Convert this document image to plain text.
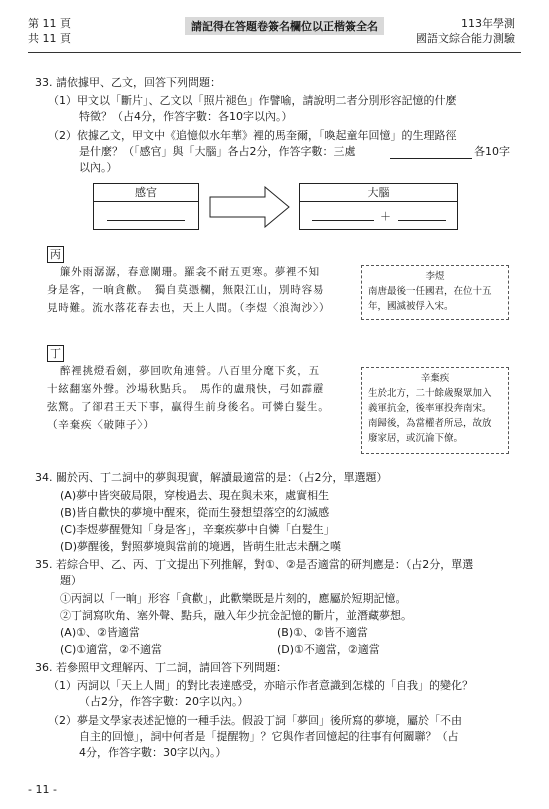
第 11 頁
共 11 頁
請記得在答題卷簽名欄位以正楷簽全名	113年學測
國語文綜合能力測驗
33. 請依據甲、乙文，回答下列問題：
（1）甲文以「斷片」、乙文以「照片褪色」作譬喻，請說明二者分別形容記憶的什麼
特徵？（占4分，作答字數：各10字以內。）
（2）依據乙文，甲文中《追憶似水年華》裡的馬奎爾，「喚起童年回憶」的生理路徑
是什麼？（「感官」與「大腦」各占2分，作答字數：三處	各10字
以內。）
感官	大腦
＋
丙
簾外雨潺潺，春意闌珊。羅衾不耐五更寒。夢裡不知
身是客，一晌貪歡。　獨自莫憑欄，無限江山，別時容易
見時難。流水落花春去也，天上人間。（李煜〈浪淘沙〉）
李煜
南唐最後一任國君，在位十五
年，國滅被俘入宋。
丁
醉裡挑燈看劍，夢回吹角連營。八百里分麾下炙，五
十絃翻塞外聲。沙場秋點兵。　馬作的盧飛快，弓如霹靂
弦驚。了卻君王天下事，贏得生前身後名。可憐白髮生。
（辛棄疾〈破陣子〉）
辛棄疾
生於北方，二十餘歲聚眾加入
義軍抗金，後率軍投奔南宋。
南歸後，為當權者所忌，故放
廢家居，或沉淪下僚。
34. 關於丙、丁二詞中的夢與現實，解讀最適當的是：（占2分，單選題）
(A)夢中皆突破局限，穿梭過去、現在與未來，處實相生
(B)皆自歡快的夢境中醒來，從而生發想望落空的幻滅感
(C)李煜夢醒覺知「身是客」，辛棄疾夢中自憐「白髮生」
(D)夢醒後，對照夢境與當前的境遇，皆萌生壯志未酬之嘆
35. 若綜合甲、乙、丙、丁文提出下列推解，對①、②是否適當的研判應是：（占2分，單選
題）
①丙詞以「一晌」形容「貪歡」，此歡樂既是片刻的，應屬於短期記憶。
②丁詞寫吹角、塞外聲、點兵，融入年少抗金記憶的斷片，並潛藏夢想。
(A)①、②皆適當	(B)①、②皆不適當
(C)①適當，②不適當	(D)①不適當，②適當
36. 若參照甲文理解丙、丁二詞，請回答下列問題：
（1）丙詞以「天上人間」的對比表達感受，亦暗示作者意識到怎樣的「自我」的變化？
（占2分，作答字數：20字以內。）
（2）夢是文學家表述記憶的一種手法。假設丁詞「夢回」後所寫的夢境，屬於「不由
自主的回憶」，詞中何者是「提醒物」？它與作者回憶起的往事有何關聯？（占
4分，作答字數：30字以內。）
- 11 -
